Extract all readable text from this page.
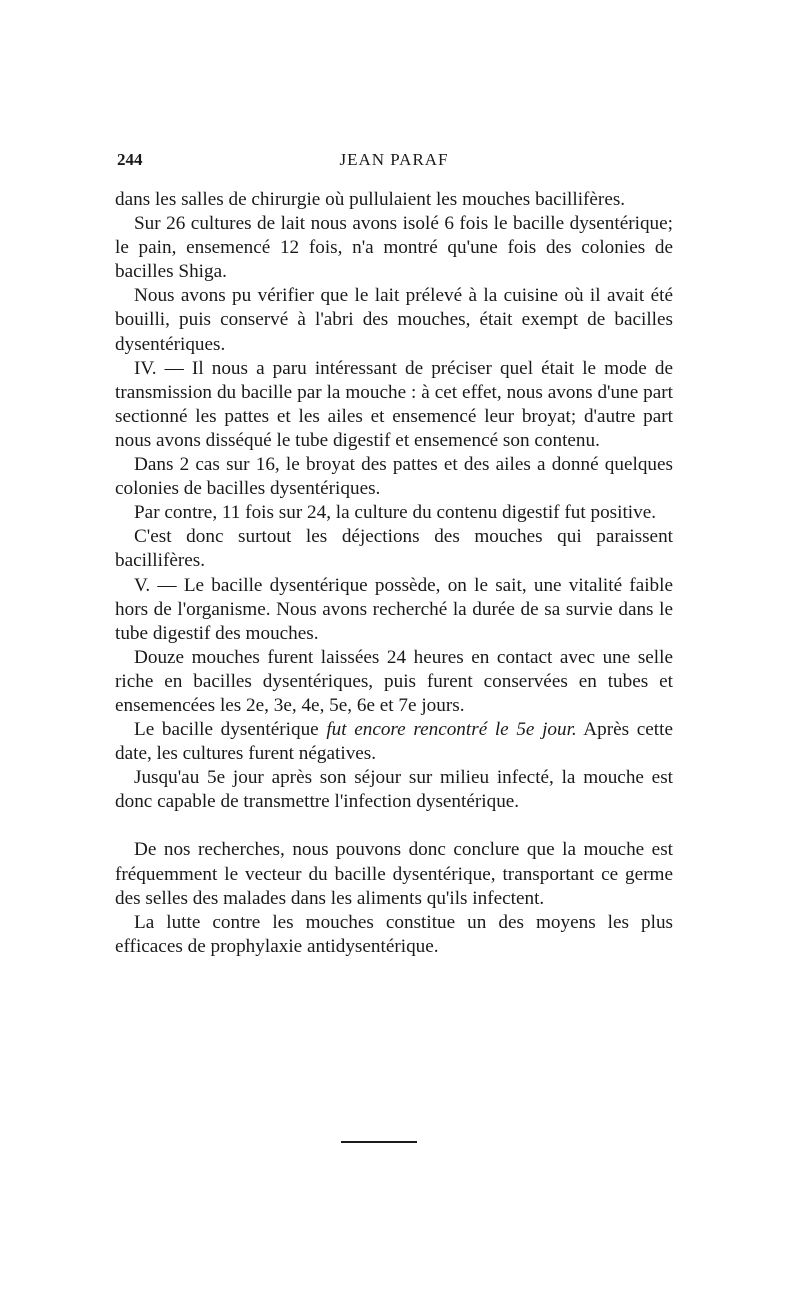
244	JEAN PARAF

dans les salles de chirurgie où pullulaient les mouches bacillifères.

Sur 26 cultures de lait nous avons isolé 6 fois le bacille dysentérique; le pain, ensemencé 12 fois, n'a montré qu'une fois des colonies de bacilles Shiga.

Nous avons pu vérifier que le lait prélevé à la cuisine où il avait été bouilli, puis conservé à l'abri des mouches, était exempt de bacilles dysentériques.

IV. — Il nous a paru intéressant de préciser quel était le mode de transmission du bacille par la mouche : à cet effet, nous avons d'une part sectionné les pattes et les ailes et ensemencé leur broyat; d'autre part nous avons disséqué le tube digestif et ensemencé son contenu.

Dans 2 cas sur 16, le broyat des pattes et des ailes a donné quelques colonies de bacilles dysentériques.

Par contre, 11 fois sur 24, la culture du contenu digestif fut positive.

C'est donc surtout les déjections des mouches qui paraissent bacillifères.

V. — Le bacille dysentérique possède, on le sait, une vitalité faible hors de l'organisme. Nous avons recherché la durée de sa survie dans le tube digestif des mouches.

Douze mouches furent laissées 24 heures en contact avec une selle riche en bacilles dysentériques, puis furent conservées en tubes et ensemencées les 2e, 3e, 4e, 5e, 6e et 7e jours.

Le bacille dysentérique fut encore rencontré le 5e jour. Après cette date, les cultures furent négatives.

Jusqu'au 5e jour après son séjour sur milieu infecté, la mouche est donc capable de transmettre l'infection dysentérique.

De nos recherches, nous pouvons donc conclure que la mouche est fréquemment le vecteur du bacille dysentérique, transportant ce germe des selles des malades dans les aliments qu'ils infectent.

La lutte contre les mouches constitue un des moyens les plus efficaces de prophylaxie antidysentérique.
